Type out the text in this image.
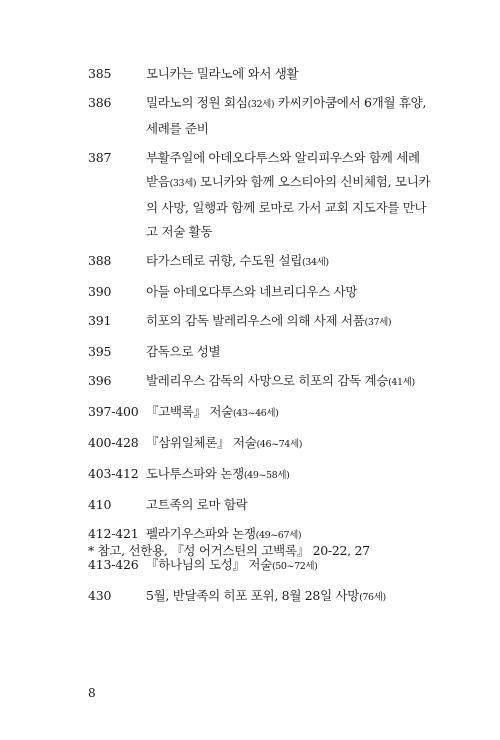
385	모니카는 밀라노에 와서 생활
386	밀라노의 정원 회심(32세) 카씨키아쿰에서 6개월 휴양,
세례를 준비
387	부활주일에 아데오다투스와 알리피우스와 함께 세례
받음(33세) 모니카와 함께 오스티아의 신비체험, 모니카
의 사망, 일행과 함께 로마로 가서 교회 지도자를 만나
고 저술 활동
388	타가스테로 귀향, 수도원 설립(34세)
390	아들 아데오다투스와 네브리디우스 사망
391	히포의 감독 발레리우스에 의해 사제 서품(37세)
395	감독으로 성별
396	발레리우스 감독의 사망으로 히포의 감독 계승(41세)
397-400 『고백록』 저술(43~46세)
400-428 『삼위일체론』 저술(46~74세)
403-412 도나투스파와 논쟁(49~58세)
410	고트족의 로마 함락
412-421 펠라기우스파와 논쟁(49~67세)
413-426 『하나님의 도성』 저술(50~72세)
430	5월, 반달족의 히포 포위, 8월 28일 사망(76세)
* 참고, 선한용, 『성 어거스틴의 고백록』 20-22, 27
8
